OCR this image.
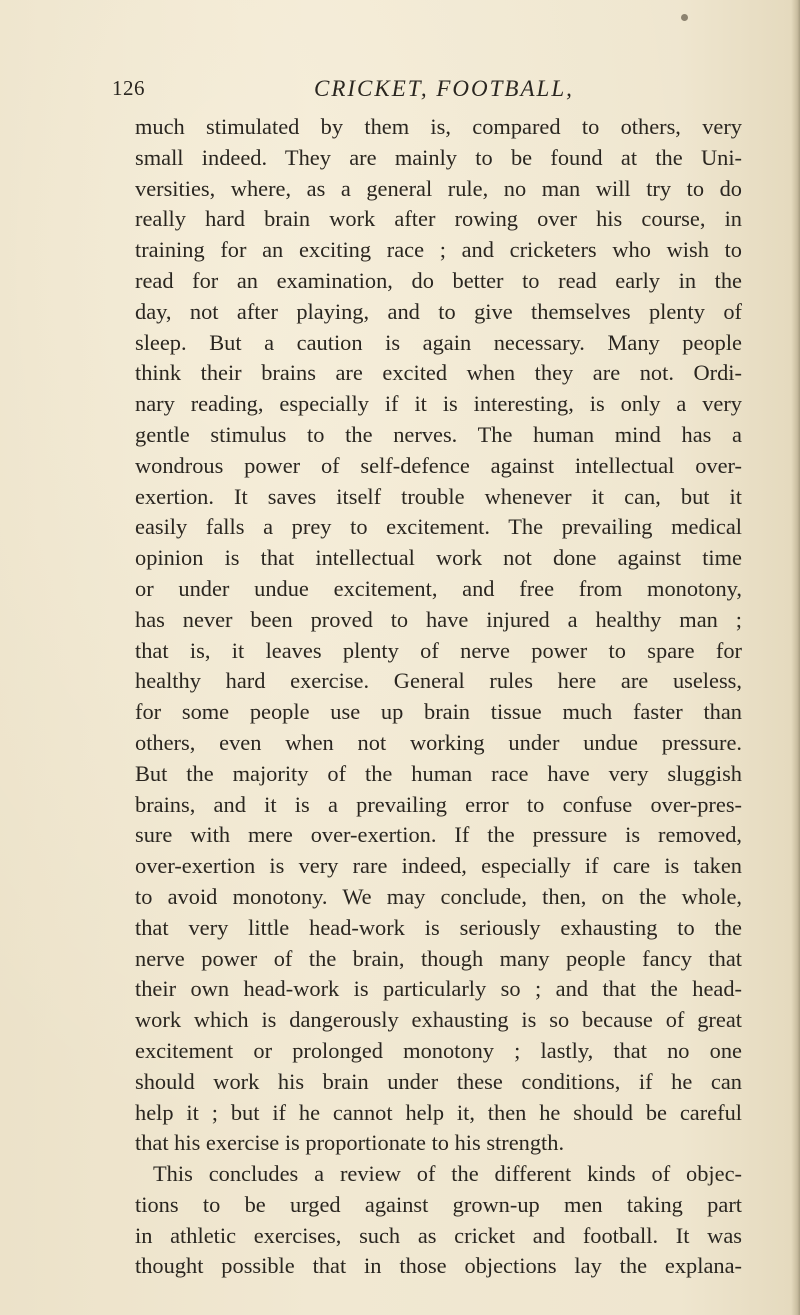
126	CRICKET, FOOTBALL,
much stimulated by them is, compared to others, very
small indeed. They are mainly to be found at the Uni-
versities, where, as a general rule, no man will try to do
really hard brain work after rowing over his course, in
training for an exciting race ; and cricketers who wish to
read for an examination, do better to read early in the
day, not after playing, and to give themselves plenty of
sleep. But a caution is again necessary. Many people
think their brains are excited when they are not. Ordi-
nary reading, especially if it is interesting, is only a very
gentle stimulus to the nerves. The human mind has a
wondrous power of self-defence against intellectual over-
exertion. It saves itself trouble whenever it can, but it
easily falls a prey to excitement. The prevailing medical
opinion is that intellectual work not done against time
or under undue excitement, and free from monotony,
has never been proved to have injured a healthy man ;
that is, it leaves plenty of nerve power to spare for
healthy hard exercise. General rules here are useless,
for some people use up brain tissue much faster than
others, even when not working under undue pressure.
But the majority of the human race have very sluggish
brains, and it is a prevailing error to confuse over-pres-
sure with mere over-exertion. If the pressure is removed,
over-exertion is very rare indeed, especially if care is taken
to avoid monotony. We may conclude, then, on the whole,
that very little head-work is seriously exhausting to the
nerve power of the brain, though many people fancy that
their own head-work is particularly so ; and that the head-
work which is dangerously exhausting is so because of great
excitement or prolonged monotony ; lastly, that no one
should work his brain under these conditions, if he can
help it ; but if he cannot help it, then he should be careful
that his exercise is proportionate to his strength.
This concludes a review of the different kinds of objec-
tions to be urged against grown-up men taking part
in athletic exercises, such as cricket and football. It was
thought possible that in those objections lay the explana-
